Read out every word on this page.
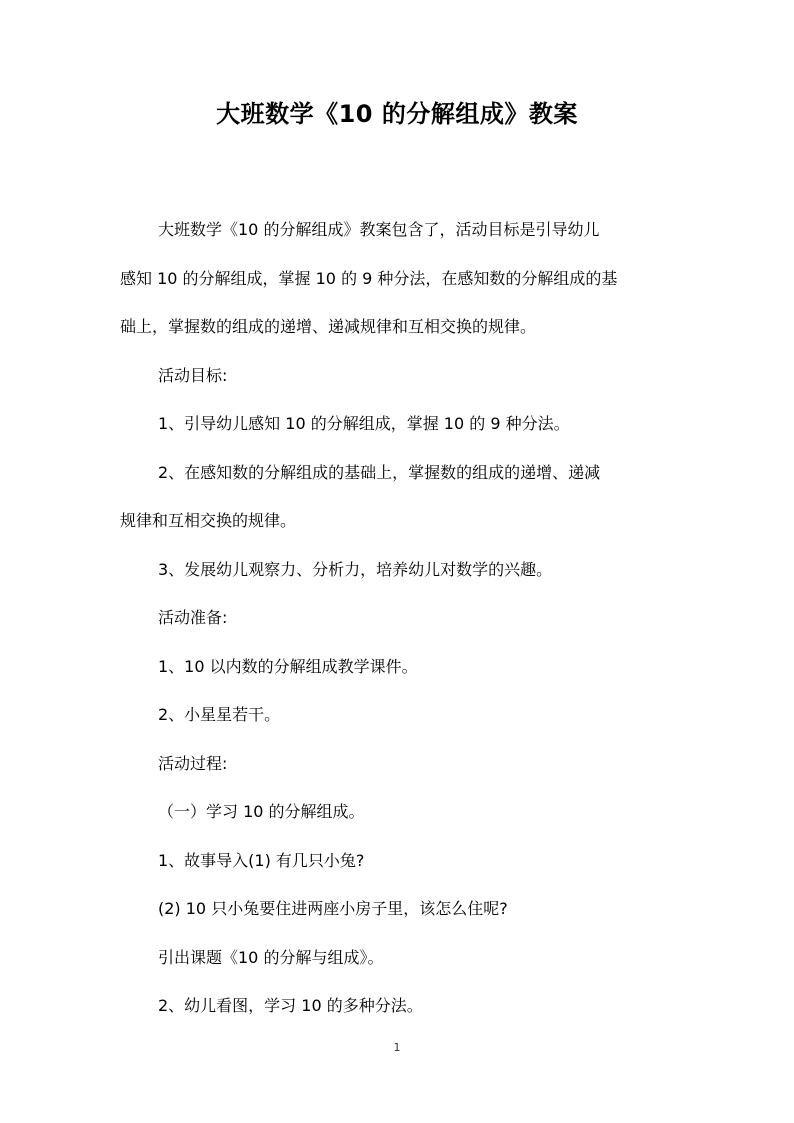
大班数学《10 的分解组成》教案

大班数学《10 的分解组成》教案包含了，活动目标是引导幼儿

感知 10 的分解组成，掌握 10 的 9 种分法，在感知数的分解组成的基

础上，掌握数的组成的递增、递减规律和互相交换的规律。

活动目标:

1、引导幼儿感知 10 的分解组成，掌握 10 的 9 种分法。

2、在感知数的分解组成的基础上，掌握数的组成的递增、递减

规律和互相交换的规律。

3、发展幼儿观察力、分析力，培养幼儿对数学的兴趣。

活动准备:

1、10 以内数的分解组成教学课件。

2、小星星若干。

活动过程:

（一）学习 10 的分解组成。

1、故事导入(1) 有几只小兔?

(2) 10 只小兔要住进两座小房子里，该怎么住呢?

引出课题《10 的分解与组成》。

2、幼儿看图，学习 10 的多种分法。

1
